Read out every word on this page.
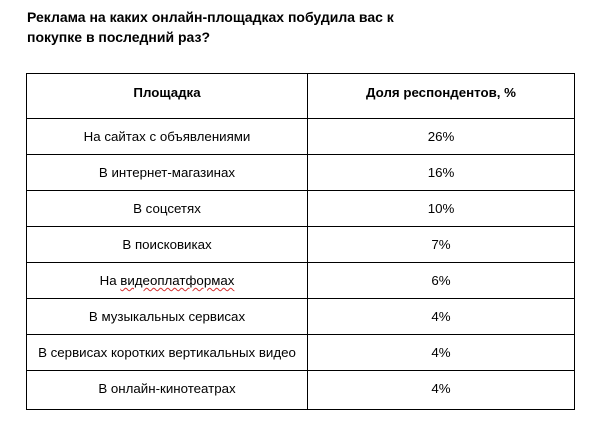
Реклама на каких онлайн-площадках побудила вас к
покупке в последний раз?
Площадка	Доля респондентов, %
На сайтах с объявлениями	26%
В интернет-магазинах	16%
В соцсетях	10%
В поисковиках	7%
На видеоплатформах	6%
В музыкальных сервисах	4%
В сервисах коротких вертикальных видео	4%
В онлайн-кинотеатрах	4%
